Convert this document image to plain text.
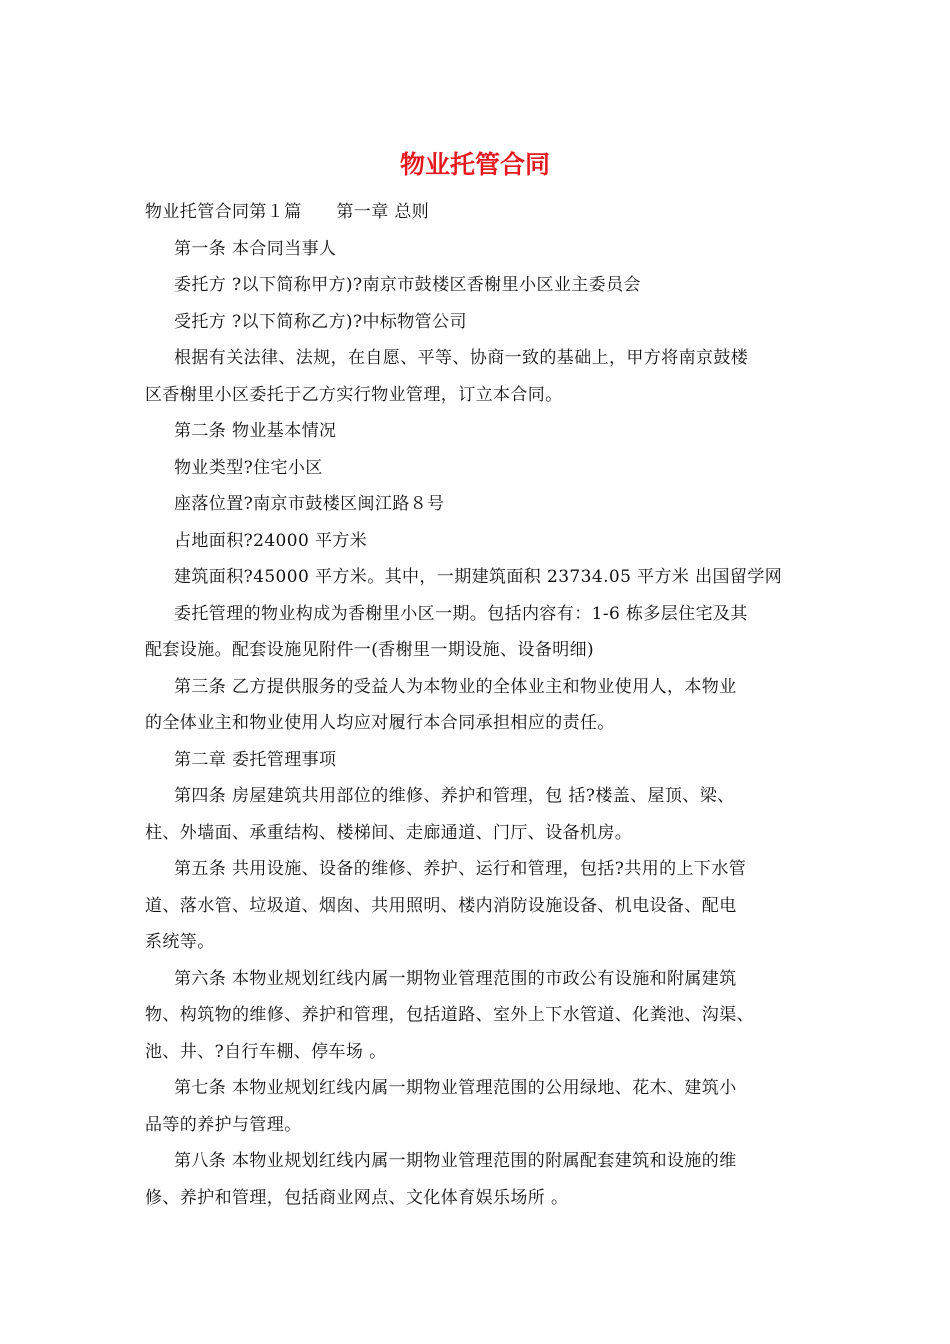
物业托管合同

物业托管合同第１篇　　第一章 总则

第一条 本合同当事人

委托方 ?以下简称甲方)?南京市鼓楼区香榭里小区业主委员会

受托方 ?以下简称乙方)?中标物管公司

根据有关法律、法规，在自愿、平等、协商一致的基础上，甲方将南京鼓楼

区香榭里小区委托于乙方实行物业管理，订立本合同。

第二条 物业基本情况

物业类型?住宅小区

座落位置?南京市鼓楼区闽江路８号

占地面积?24000 平方米

建筑面积?45000 平方米。其中，一期建筑面积 23734.05 平方米 出国留学网

委托管理的物业构成为香榭里小区一期。包括内容有：1-6 栋多层住宅及其

配套设施。配套设施见附件一(香榭里一期设施、设备明细)

第三条 乙方提供服务的受益人为本物业的全体业主和物业使用人，本物业

的全体业主和物业使用人均应对履行本合同承担相应的责任。

第二章 委托管理事项

第四条 房屋建筑共用部位的维修、养护和管理，包 括?楼盖、屋顶、梁、

柱、外墙面、承重结构、楼梯间、走廊通道、门厅、设备机房。

第五条 共用设施、设备的维修、养护、运行和管理，包括?共用的上下水管

道、落水管、垃圾道、烟囱、共用照明、楼内消防设施设备、机电设备、配电

系统等。

第六条 本物业规划红线内属一期物业管理范围的市政公有设施和附属建筑

物、构筑物的维修、养护和管理，包括道路、室外上下水管道、化粪池、沟渠、

池、井、?自行车棚、停车场 。

第七条 本物业规划红线内属一期物业管理范围的公用绿地、花木、建筑小

品等的养护与管理。

第八条 本物业规划红线内属一期物业管理范围的附属配套建筑和设施的维

修、养护和管理，包括商业网点、文化体育娱乐场所 。
